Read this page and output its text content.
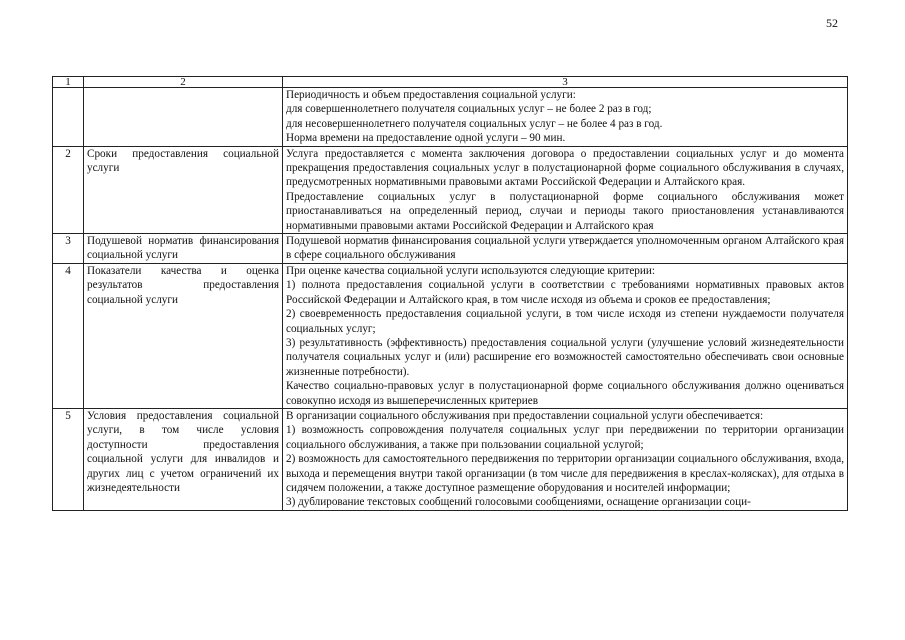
52
1	2	3

		Периодичность и объем предоставления социальной услуги:
для совершеннолетнего получателя социальных услуг – не более 2 раз в год;
для несовершеннолетнего получателя социальных услуг – не более 4 раз в год.
Норма времени на предоставление одной услуги – 90 мин.

2	Сроки предоставления социальной услуги	Услуга предоставляется с момента заключения договора о предоставлении социальных услуг и до момента прекращения предоставления социальных услуг в полустационарной форме социального обслуживания в случаях, предусмотренных нормативными правовыми актами Российской Федерации и Алтайского края.
Предоставление социальных услуг в полустационарной форме социального обслуживания может приостанавливаться на определенный период, случаи и периоды такого приостановления устанавливаются нормативными правовыми актами Российской Федерации и Алтайского края

3	Подушевой норматив финансирования социальной услуги	Подушевой норматив финансирования социальной услуги утверждается уполномоченным органом Алтайского края в сфере социального обслуживания

4	Показатели качества и оценка результатов предоставления социальной услуги	При оценке качества социальной услуги используются следующие критерии:
1) полнота предоставления социальной услуги в соответствии с требованиями нормативных правовых актов Российской Федерации и Алтайского края, в том числе исходя из объема и сроков ее предоставления;
2) своевременность предоставления социальной услуги, в том числе исходя из степени нуждаемости получателя социальных услуг;
3) результативность (эффективность) предоставления социальной услуги (улучшение условий жизнедеятельности получателя социальных услуг и (или) расширение его возможностей самостоятельно обеспечивать свои основные жизненные потребности).
Качество социально-правовых услуг в полустационарной форме социального обслуживания должно оцениваться совокупно исходя из вышеперечисленных критериев

5	Условия предоставления социальной услуги, в том числе условия доступности предоставления социальной услуги для инвалидов и других лиц с учетом ограничений их жизнедеятельности	В организации социального обслуживания при предоставлении социальной услуги обеспечивается:
1) возможность сопровождения получателя социальных услуг при передвижении по территории организации социального обслуживания, а также при пользовании социальной услугой;
2) возможность для самостоятельного передвижения по территории организации социального обслуживания, входа, выхода и перемещения внутри такой организации (в том числе для передвижения в креслах-колясках), для отдыха в сидячем положении, а также доступное размещение оборудования и носителей информации;
3) дублирование текстовых сообщений голосовыми сообщениями, оснащение организации соци-
